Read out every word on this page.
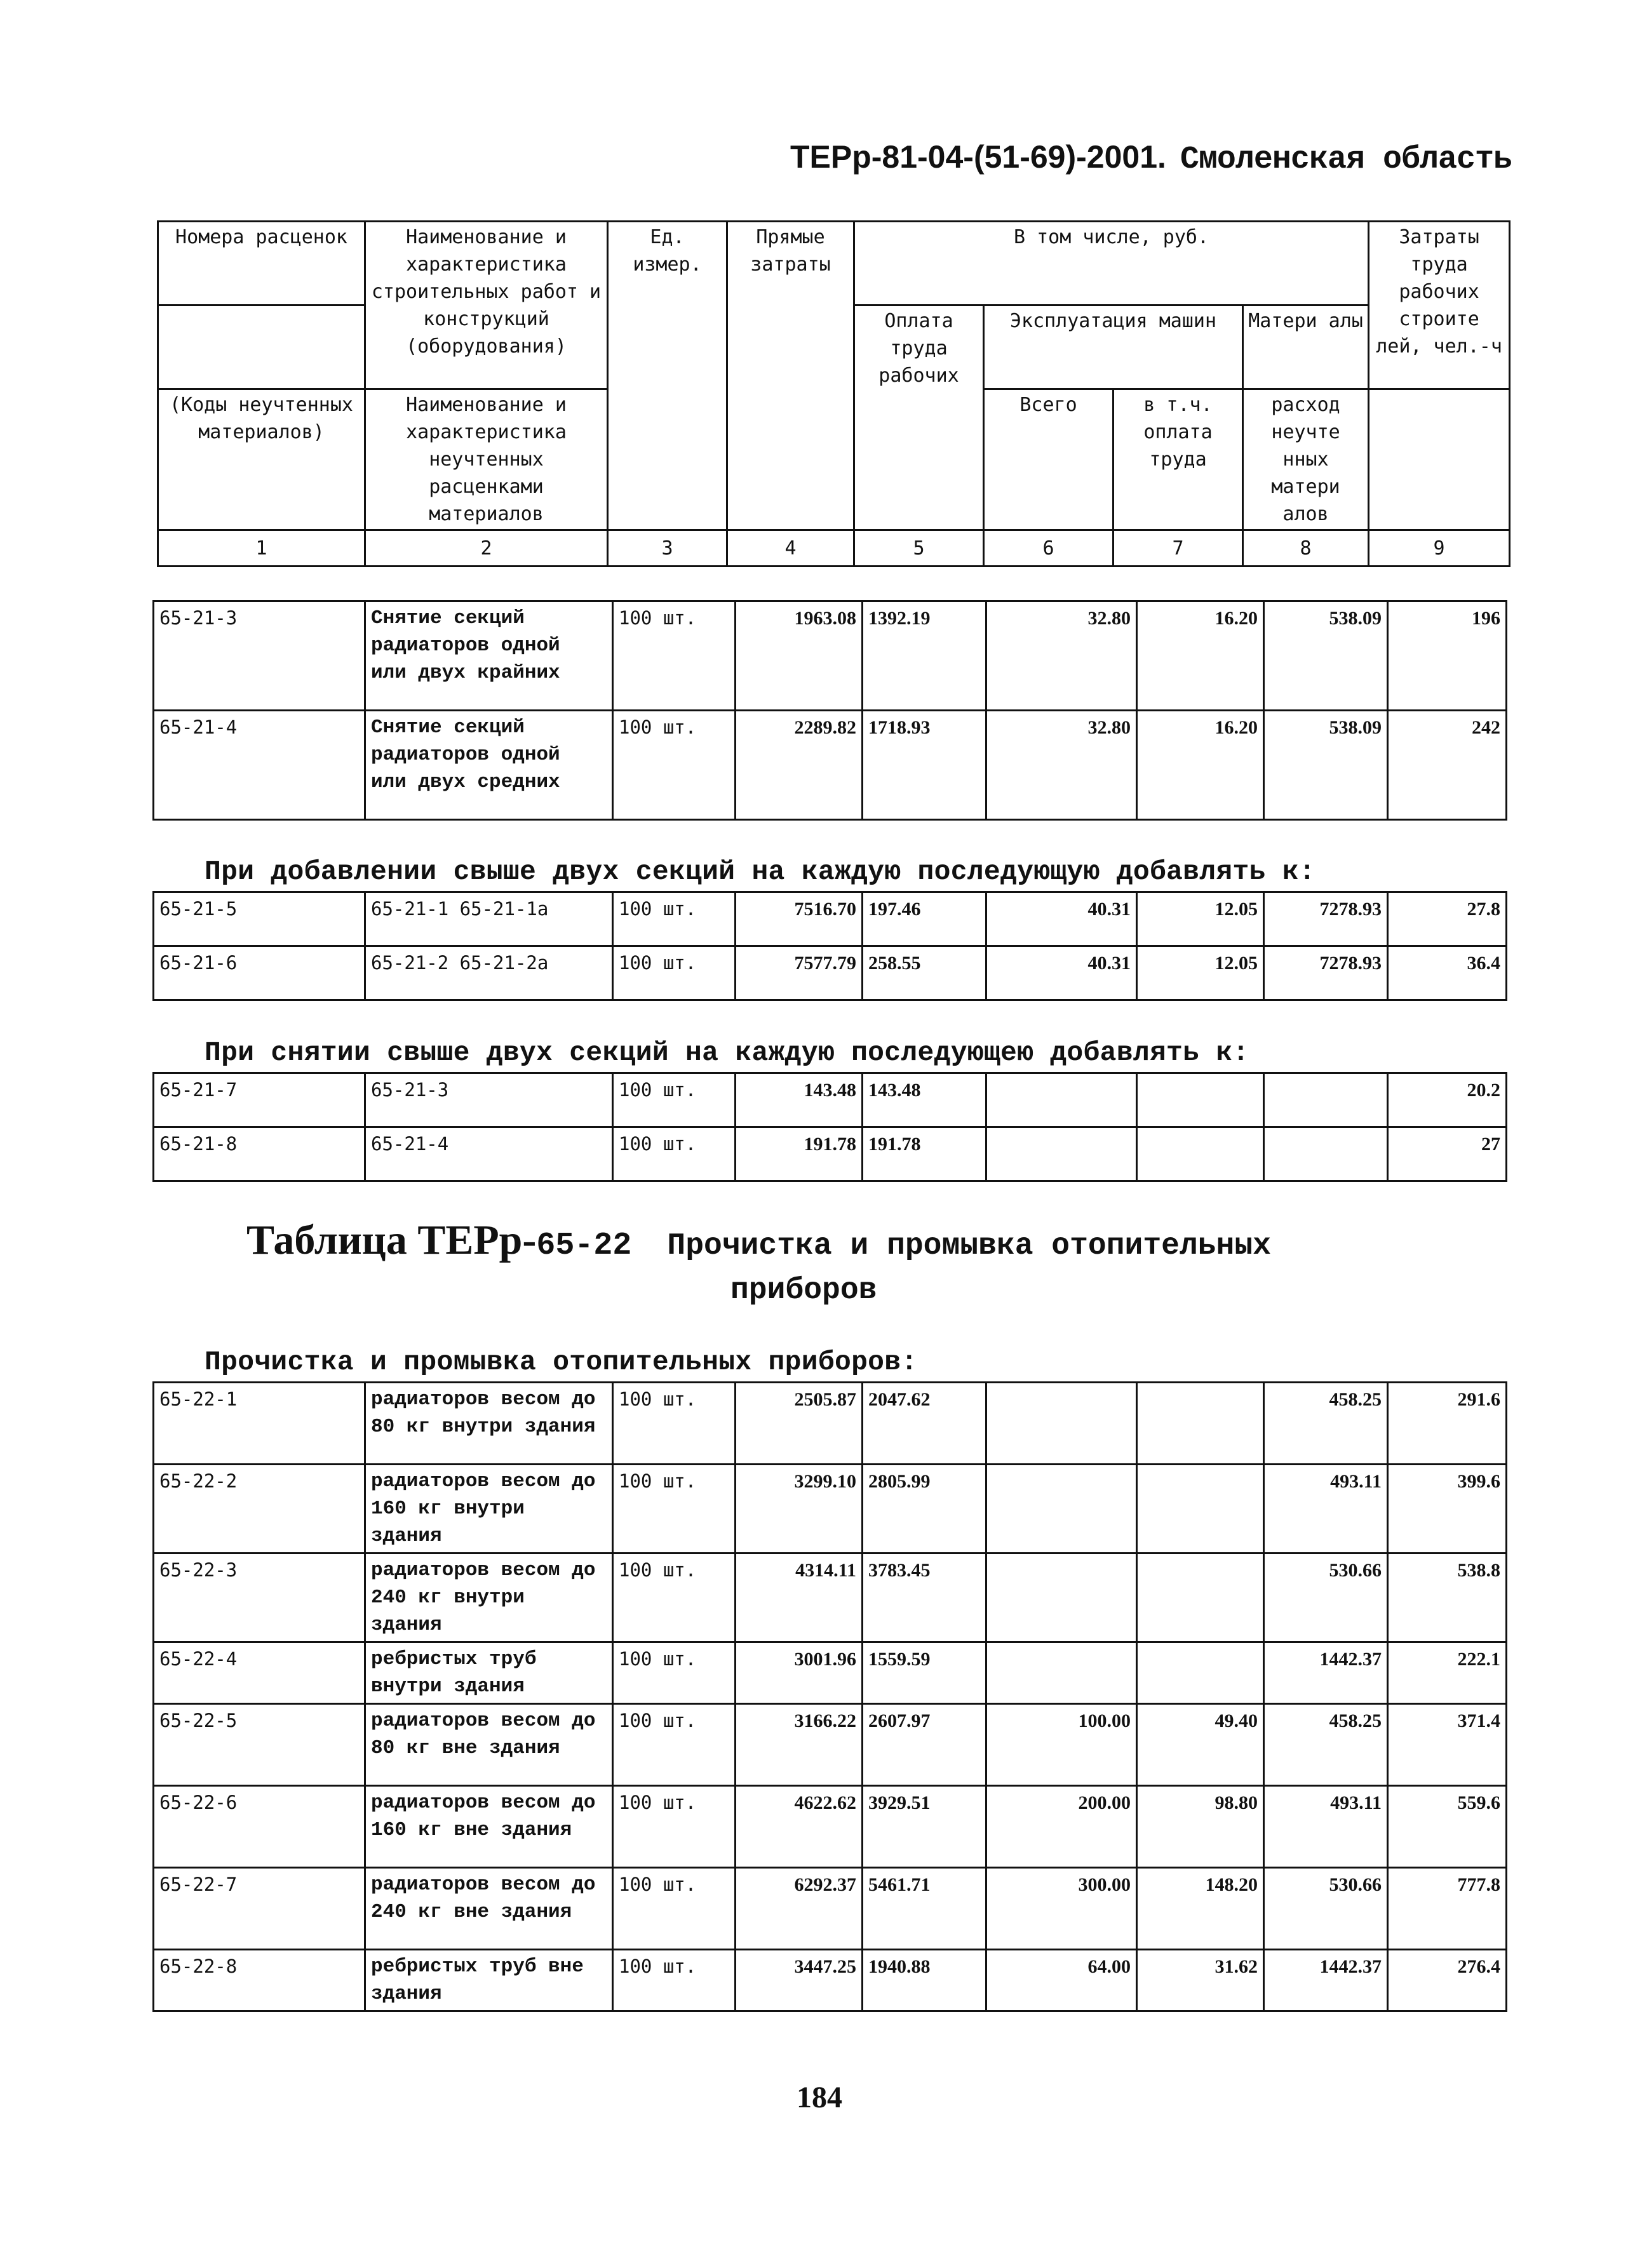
ТЕРр-81-04-(51-69)-2001. Смоленская область
Номера расценок	Наименование и характеристика строительных работ и конструкций (оборудования)	Ед. измер.	Прямые затраты	В том числе, руб.				Затраты труда рабочих строите лей, чел.-ч
				Оплата труда рабочих	Эксплуатация машин		Матери алы	
(Коды неучтенных материалов)	Наименование и характеристика неучтенных расценками материалов				Всего	в т.ч. оплата труда	расход неучте нных матери алов	
1	2	3	4	5	6	7	8	9
65-21-3	Снятие секций радиаторов одной или двух крайних	100 шт.	1963.08	1392.19	32.80	16.20	538.09	196
65-21-4	Снятие секций радиаторов одной или двух средних	100 шт.	2289.82	1718.93	32.80	16.20	538.09	242
При добавлении свыше двух секций на каждую последующую добавлять к:
65-21-5	65-21-1 65-21-1а	100 шт.	7516.70	197.46	40.31	12.05	7278.93	27.8
65-21-6	65-21-2 65-21-2а	100 шт.	7577.79	258.55	40.31	12.05	7278.93	36.4
При снятии свыше двух секций на каждую последующею добавлять к:
65-21-7	65-21-3	100 шт.	143.48	143.48				20.2
65-21-8	65-21-4	100 шт.	191.78	191.78				27
Таблица ТЕРр-65-22 Прочистка и промывка отопительных
приборов
Прочистка и промывка отопительных приборов:
65-22-1	радиаторов весом до 80 кг внутри здания	100 шт.	2505.87	2047.62			458.25	291.6
65-22-2	радиаторов весом до 160 кг внутри здания	100 шт.	3299.10	2805.99			493.11	399.6
65-22-3	радиаторов весом до 240 кг внутри здания	100 шт.	4314.11	3783.45			530.66	538.8
65-22-4	ребристых труб внутри здания	100 шт.	3001.96	1559.59			1442.37	222.1
65-22-5	радиаторов весом до 80 кг вне здания	100 шт.	3166.22	2607.97	100.00	49.40	458.25	371.4
65-22-6	радиаторов весом до 160 кг вне здания	100 шт.	4622.62	3929.51	200.00	98.80	493.11	559.6
65-22-7	радиаторов весом до 240 кг вне здания	100 шт.	6292.37	5461.71	300.00	148.20	530.66	777.8
65-22-8	ребристых труб вне здания	100 шт.	3447.25	1940.88	64.00	31.62	1442.37	276.4
184
